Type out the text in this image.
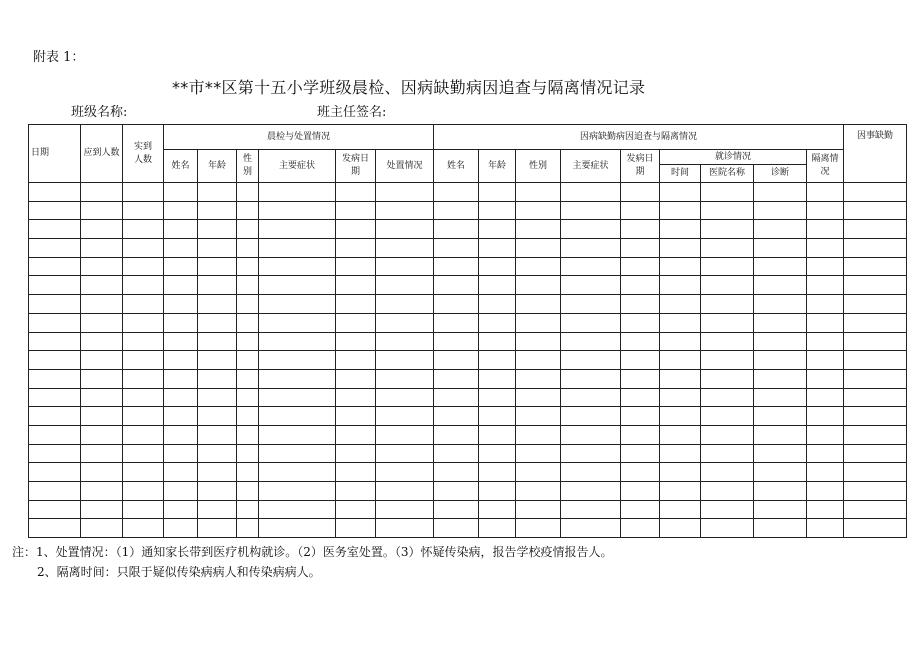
附表 1：
**市**区第十五小学班级晨检、因病缺勤病因追查与隔离情况记录
班级名称:	班主任签名:
日期	应到人数	实到人数	晨检与处置情况						因病缺勤病因追查与隔离情况									因事缺勤
			姓名	年龄	性别	主要症状	发病日期	处置情况	姓名	年龄	性别	主要症状	发病日期	就诊情况			隔离情况	
														时间	医院名称	诊断		

注：1、处置情况：（1）通知家长带到医疗机构就诊。（2）医务室处置。（3）怀疑传染病，报告学校疫情报告人。
2、隔离时间：只限于疑似传染病病人和传染病病人。
